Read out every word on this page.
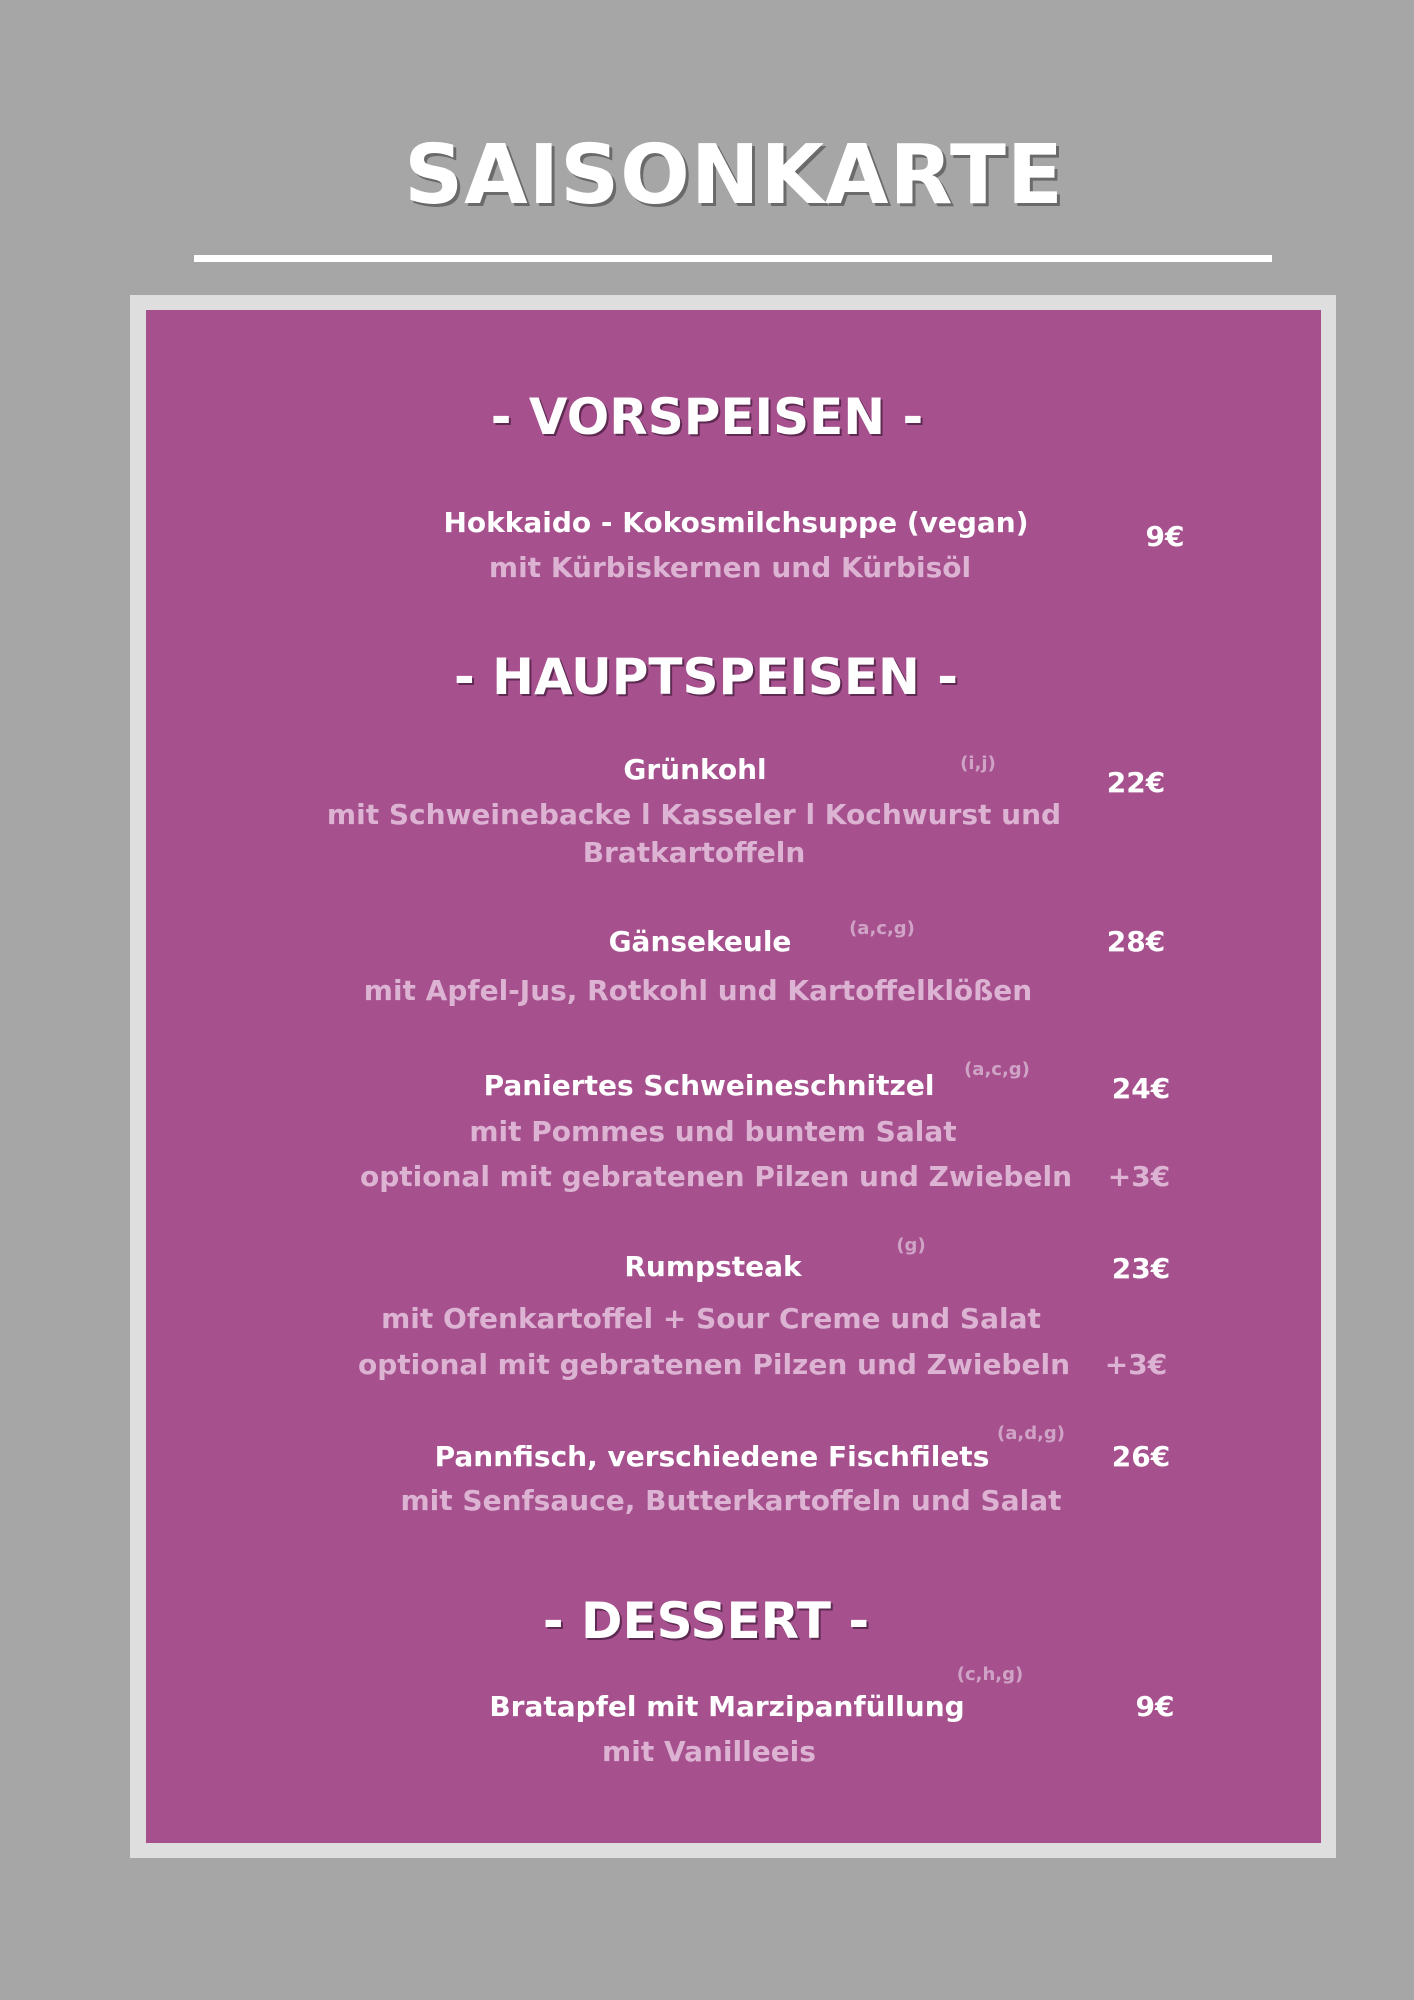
SAISONKARTE
- VORSPEISEN -
Hokkaido - Kokosmilchsuppe (vegan)
mit Kürbiskernen und Kürbisöl
9€
- HAUPTSPEISEN -
Grünkohl	(i,j)
mit Schweinebacke l Kasseler l Kochwurst und
Bratkartoffeln
22€
Gänsekeule	(a,c,g)
mit Apfel-Jus, Rotkohl und Kartoffelklößen
28€
Paniertes Schweineschnitzel (a,c,g)
mit Pommes und buntem Salat
optional mit gebratenen Pilzen und Zwiebeln
24€
+3€
Rumpsteak
(g)
mit Ofenkartoffel + Sour Creme und Salat
optional mit gebratenen Pilzen und Zwiebeln
23€
+3€
Pannfisch, verschiedene Fischfilets
(a,d,g)
mit Senfsauce, Butterkartoffeln und Salat
26€
- DESSERT -
Bratapfel mit Marzipanfüllung
(c,h,g)
mit Vanilleeis
9€
